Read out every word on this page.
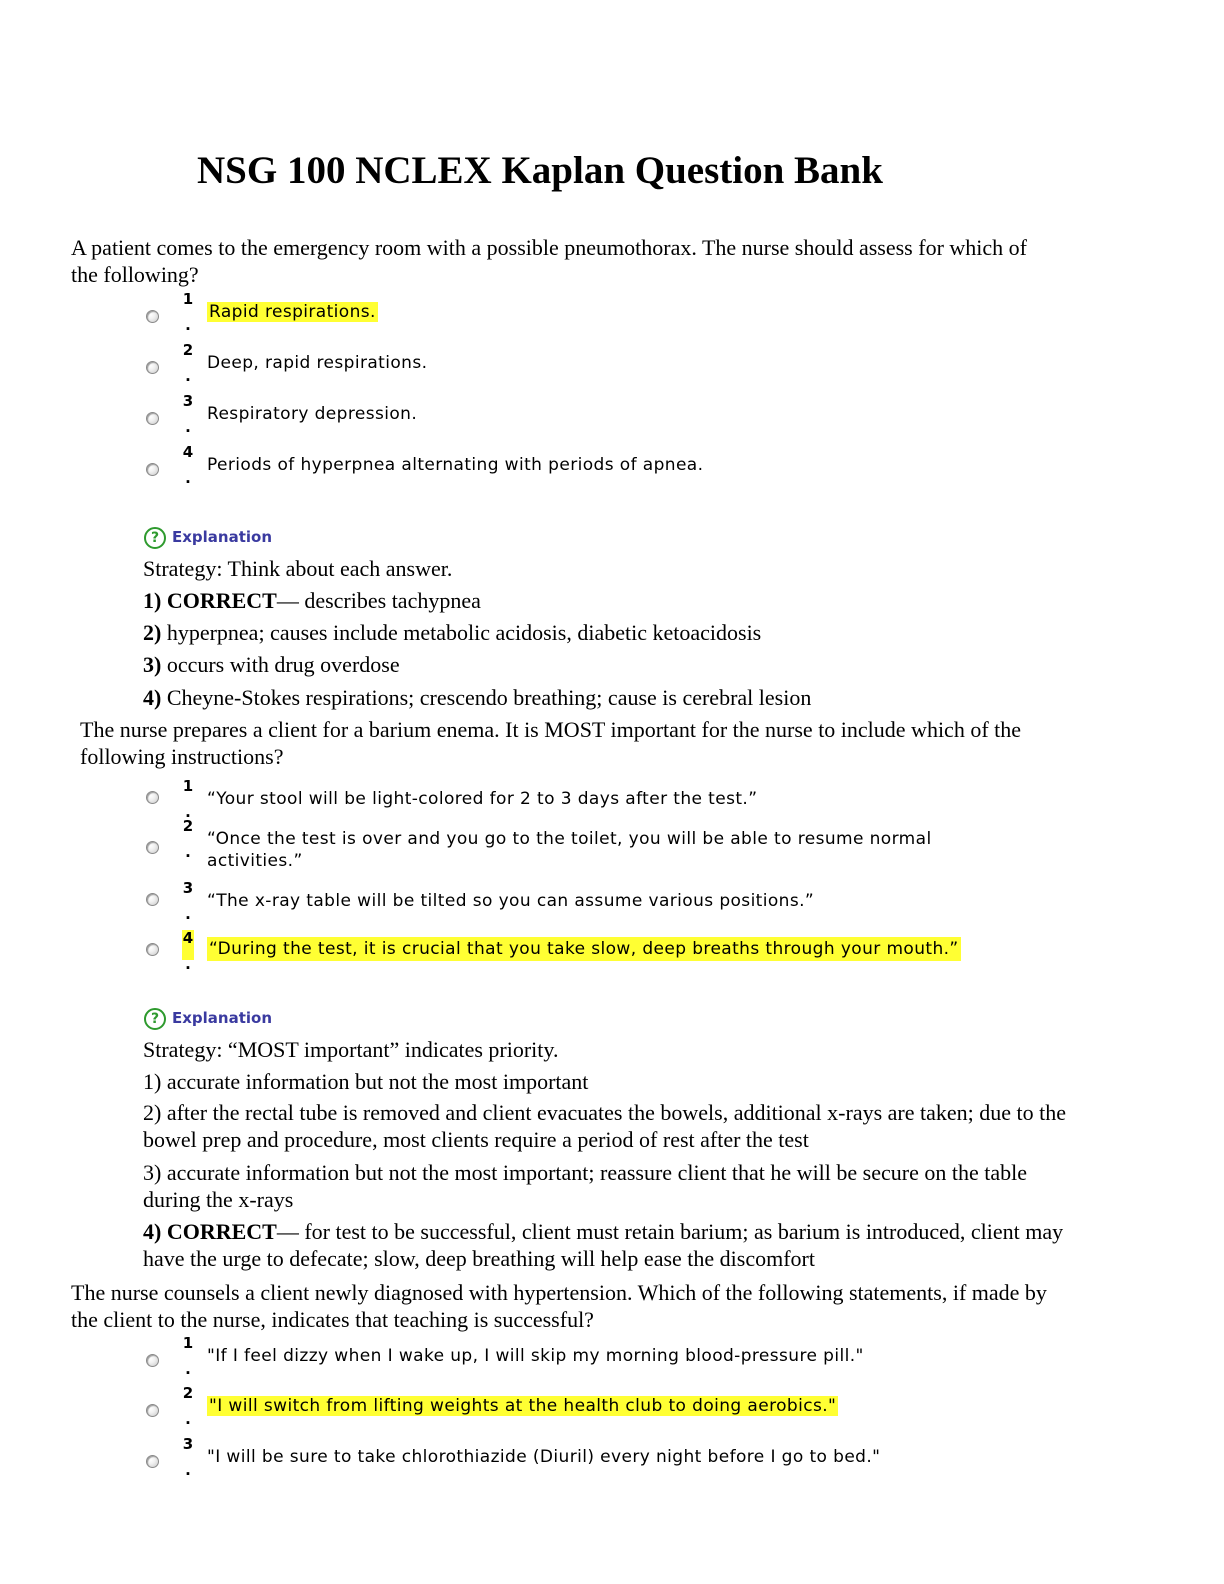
NSG 100 NCLEX Kaplan Question Bank

A patient comes to the emergency room with a possible pneumothorax. The nurse should assess for which of the following?

1
.
Rapid respirations.
2
.
Deep, rapid respirations.
3
.
Respiratory depression.
4
.
Periods of hyperpnea alternating with periods of apnea.
? Explanation

Strategy: Think about each answer.

1) CORRECT— describes tachypnea

2) hyperpnea; causes include metabolic acidosis, diabetic ketoacidosis

3) occurs with drug overdose

4) Cheyne-Stokes respirations; crescendo breathing; cause is cerebral lesion

The nurse prepares a client for a barium enema. It is MOST important for the nurse to include which of the following instructions?

1
.
“Your stool will be light-colored for 2 to 3 days after the test.”
2
.
“Once the test is over and you go to the toilet, you will be able to resume normal activities.”
3
.
“The x-ray table will be tilted so you can assume various positions.”
4
.
“During the test, it is crucial that you take slow, deep breaths through your mouth.”
? Explanation

Strategy: “MOST important” indicates priority.

1) accurate information but not the most important

2) after the rectal tube is removed and client evacuates the bowels, additional x-rays are taken; due to the bowel prep and procedure, most clients require a period of rest after the test

3) accurate information but not the most important; reassure client that he will be secure on the table during the x-rays

4) CORRECT— for test to be successful, client must retain barium; as barium is introduced, client may have the urge to defecate; slow, deep breathing will help ease the discomfort

The nurse counsels a client newly diagnosed with hypertension. Which of the following statements, if made by the client to the nurse, indicates that teaching is successful?

1
.
"If I feel dizzy when I wake up, I will skip my morning blood-pressure pill."
2
.
"I will switch from lifting weights at the health club to doing aerobics."
3
.
"I will be sure to take chlorothiazide (Diuril) every night before I go to bed."
